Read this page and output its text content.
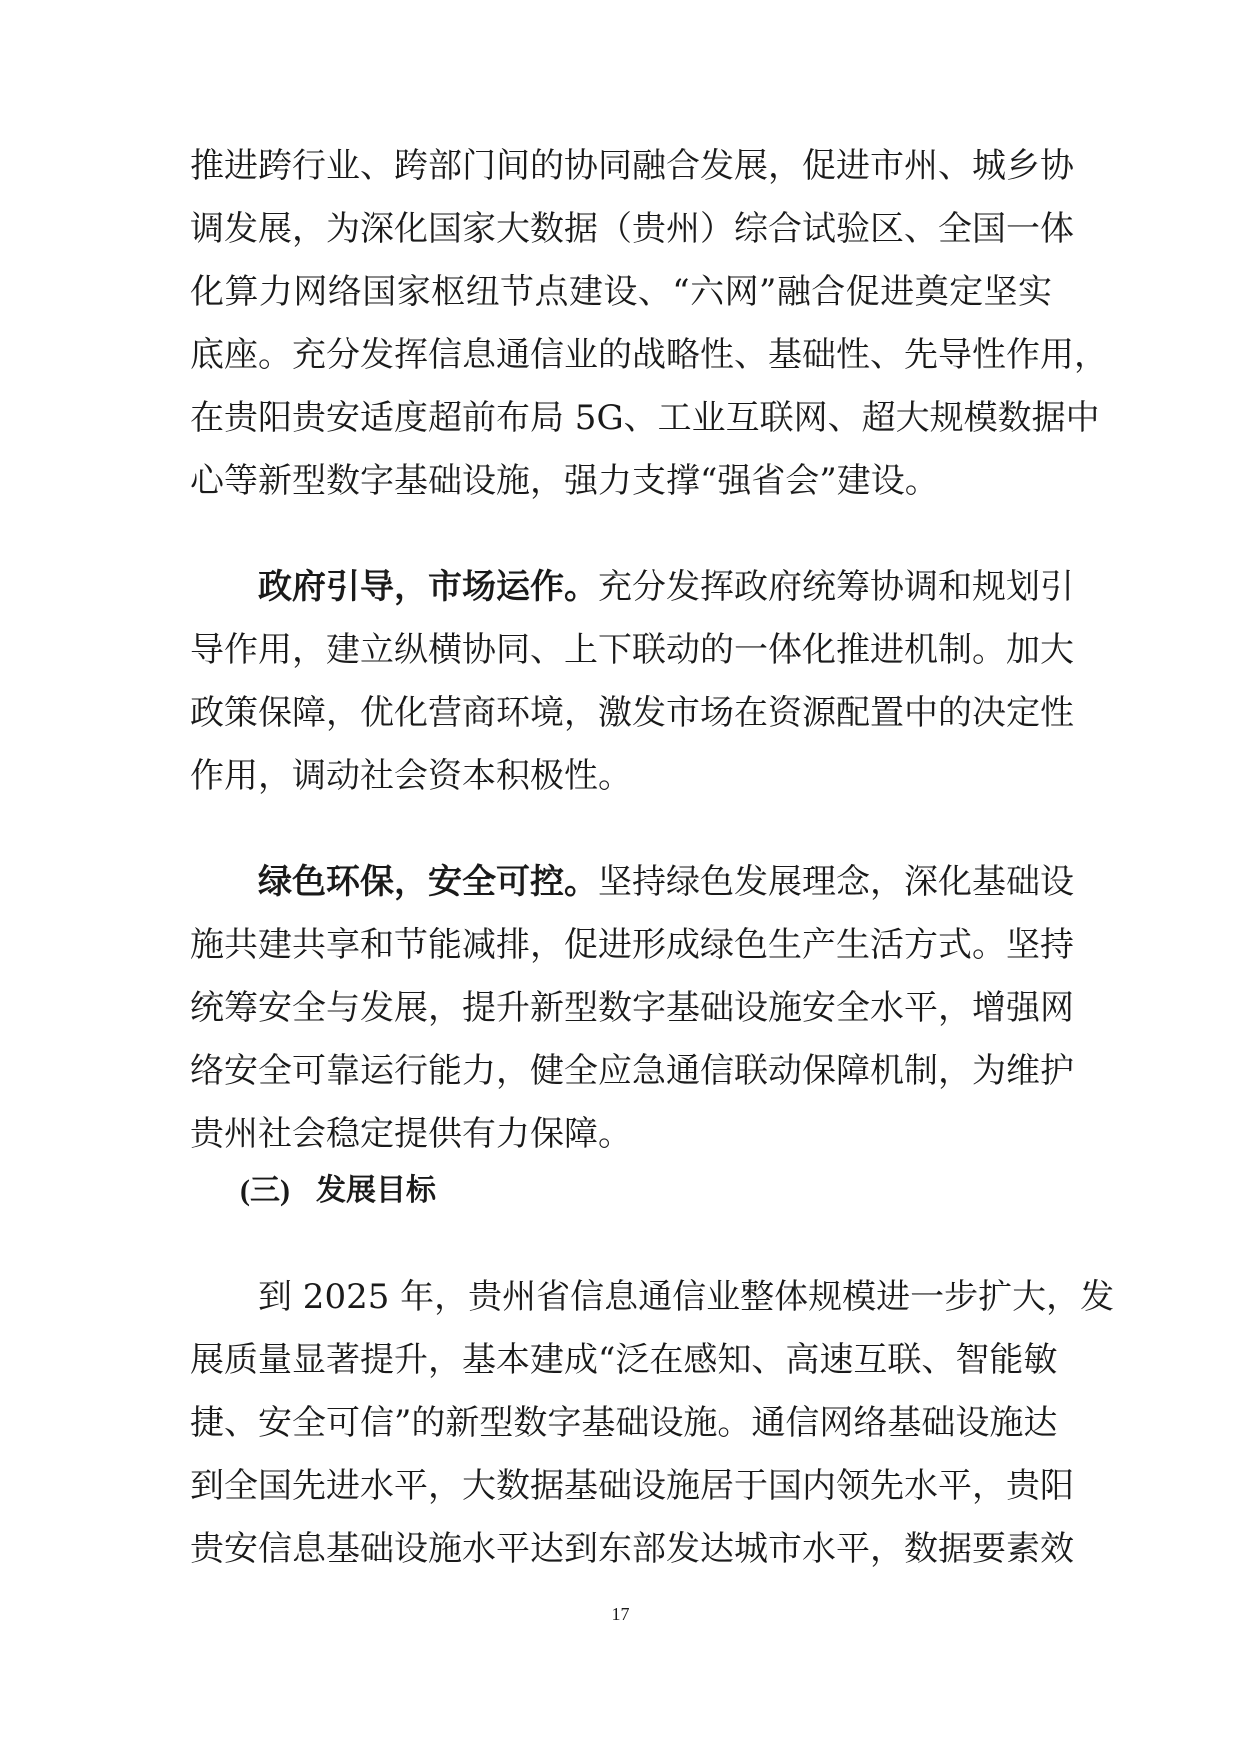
推进跨行业、跨部门间的协同融合发展，促进市州、城乡协

调发展，为深化国家大数据（贵州）综合试验区、全国一体

化算力网络国家枢纽节点建设、“六网”融合促进奠定坚实

底座。充分发挥信息通信业的战略性、基础性、先导性作用，

在贵阳贵安适度超前布局 5G、工业互联网、超大规模数据中

心等新型数字基础设施，强力支撑“强省会”建设。

政府引导，市场运作。充分发挥政府统筹协调和规划引

导作用，建立纵横协同、上下联动的一体化推进机制。加大

政策保障，优化营商环境，激发市场在资源配置中的决定性

作用，调动社会资本积极性。

绿色环保，安全可控。坚持绿色发展理念，深化基础设

施共建共享和节能减排，促进形成绿色生产生活方式。坚持

统筹安全与发展，提升新型数字基础设施安全水平，增强网

络安全可靠运行能力，健全应急通信联动保障机制，为维护

贵州社会稳定提供有力保障。

到 2025 年，贵州省信息通信业整体规模进一步扩大，发

展质量显著提升，基本建成“泛在感知、高速互联、智能敏

捷、安全可信”的新型数字基础设施。通信网络基础设施达

到全国先进水平，大数据基础设施居于国内领先水平，贵阳

贵安信息基础设施水平达到东部发达城市水平，数据要素效

(三) 发展目标
17
